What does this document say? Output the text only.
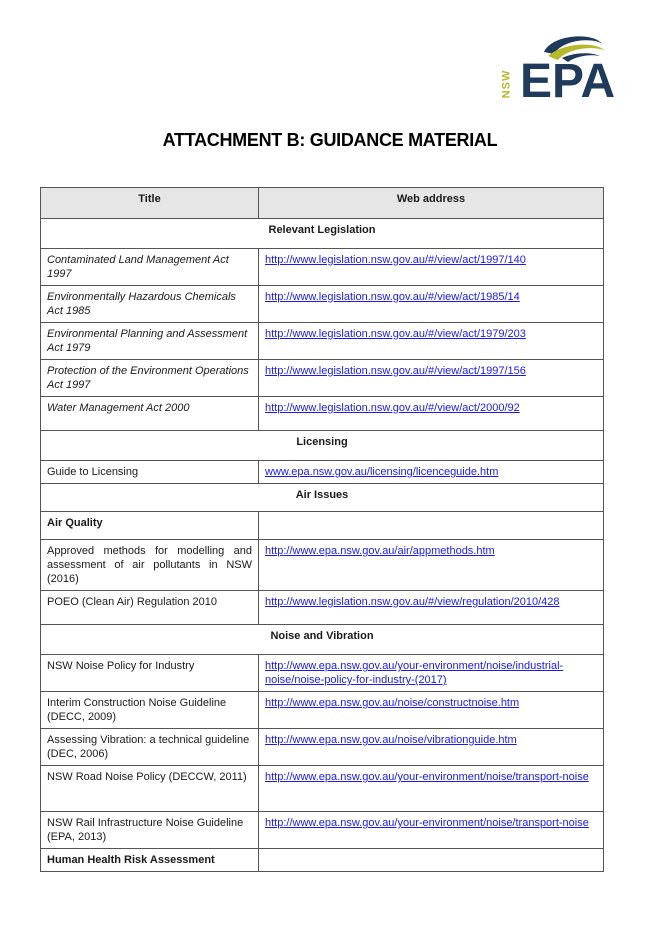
NSW EPA
ATTACHMENT B: GUIDANCE MATERIAL
Title	Web address
Relevant Legislation	
Contaminated Land Management Act 1997	http://www.legislation.nsw.gov.au/#/view/act/1997/140
Environmentally Hazardous Chemicals Act 1985	http://www.legislation.nsw.gov.au/#/view/act/1985/14
Environmental Planning and Assessment Act 1979	http://www.legislation.nsw.gov.au/#/view/act/1979/203
Protection of the Environment Operations Act 1997	http://www.legislation.nsw.gov.au/#/view/act/1997/156
Water Management Act 2000	http://www.legislation.nsw.gov.au/#/view/act/2000/92
Licensing	
Guide to Licensing	www.epa.nsw.gov.au/licensing/licenceguide.htm
Air Issues	
Air Quality	
Approved methods for modelling and assessment of air pollutants in NSW (2016)	http://www.epa.nsw.gov.au/air/appmethods.htm
POEO (Clean Air) Regulation 2010	http://www.legislation.nsw.gov.au/#/view/regulation/2010/428
Noise and Vibration	
NSW Noise Policy for Industry	http://www.epa.nsw.gov.au/your-environment/noise/industrial-noise/noise-policy-for-industry-(2017)
Interim Construction Noise Guideline (DECC, 2009)	http://www.epa.nsw.gov.au/noise/constructnoise.htm
Assessing Vibration: a technical guideline (DEC, 2006)	http://www.epa.nsw.gov.au/noise/vibrationguide.htm
NSW Road Noise Policy (DECCW, 2011)	http://www.epa.nsw.gov.au/your-environment/noise/transport-noise
NSW Rail Infrastructure Noise Guideline (EPA, 2013)	http://www.epa.nsw.gov.au/your-environment/noise/transport-noise
Human Health Risk Assessment	
